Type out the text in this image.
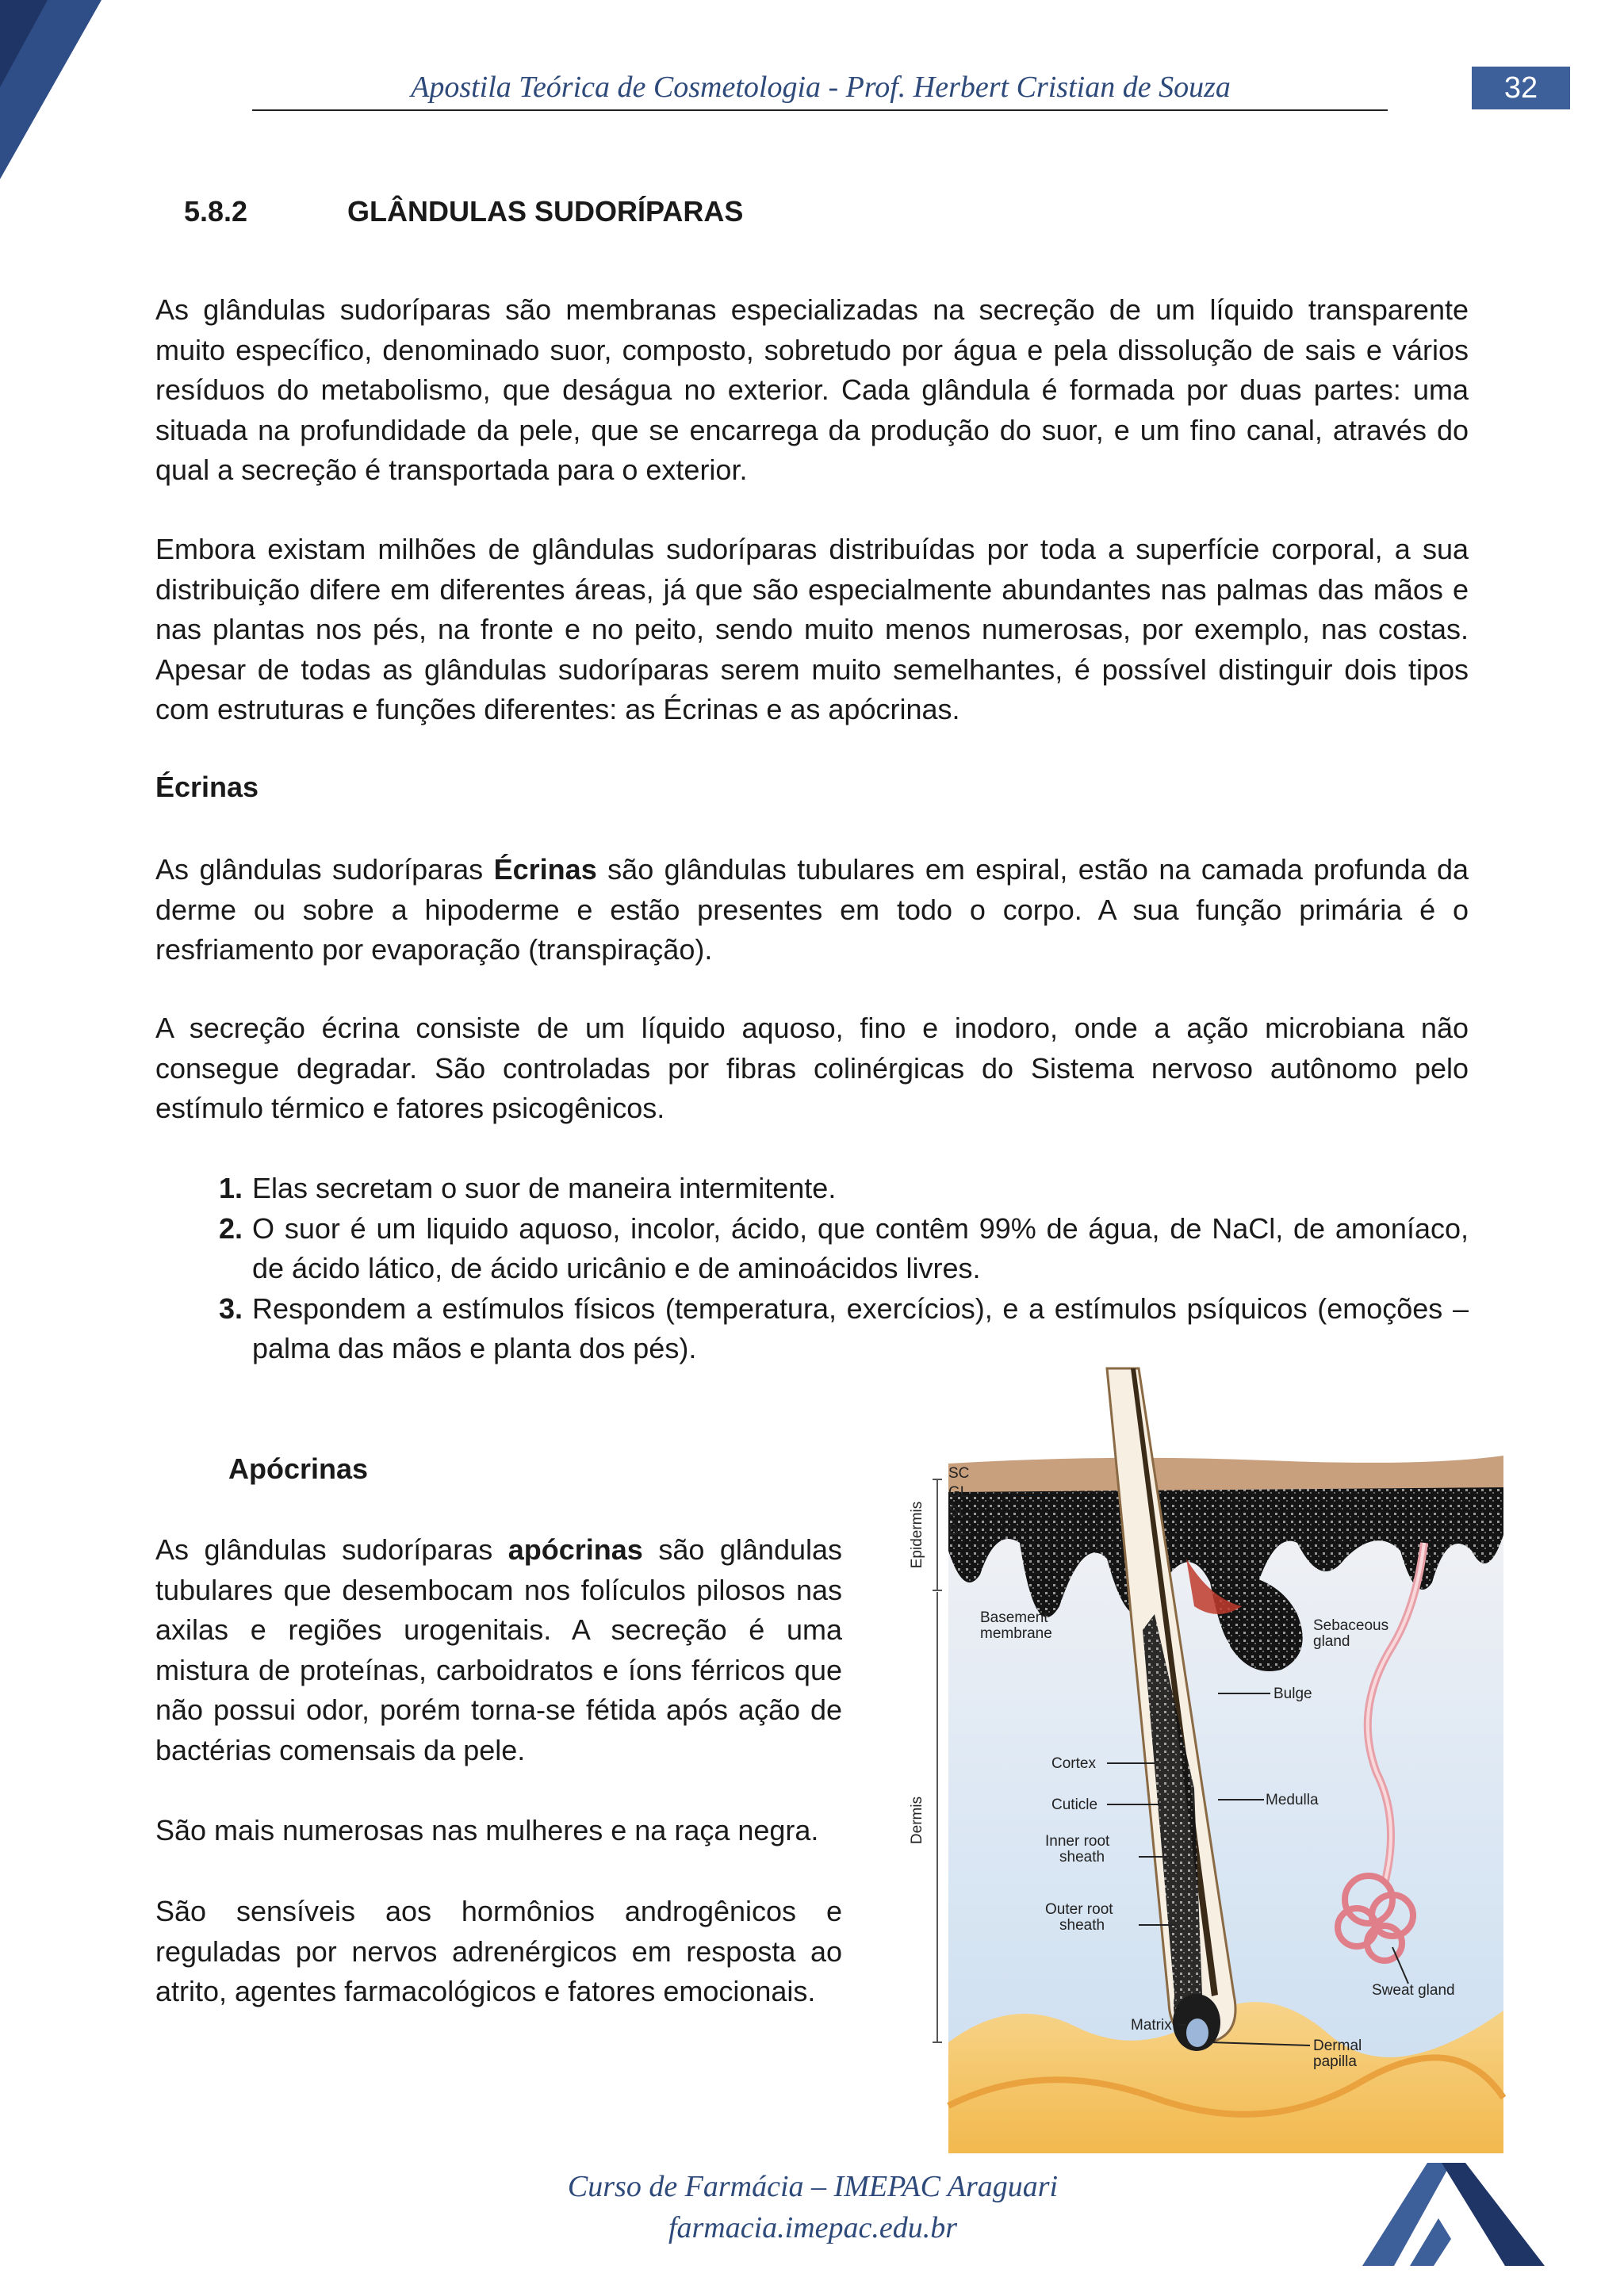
Apostila Teórica de Cosmetologia - Prof. Herbert Cristian de Souza	32
5.8.2	GLÂNDULAS SUDORÍPARAS

As glândulas sudoríparas são membranas especializadas na secreção de um líquido transparente muito específico, denominado suor, composto, sobretudo por água e pela dissolução de sais e vários resíduos do metabolismo, que deságua no exterior. Cada glândula é formada por duas partes: uma situada na profundidade da pele, que se encarrega da produção do suor, e um fino canal, através do qual a secreção é transportada para o exterior.

Embora existam milhões de glândulas sudoríparas distribuídas por toda a superfície corporal, a sua distribuição difere em diferentes áreas, já que são especialmente abundantes nas palmas das mãos e nas plantas nos pés, na fronte e no peito, sendo muito menos numerosas, por exemplo, nas costas. Apesar de todas as glândulas sudoríparas serem muito semelhantes, é possível distinguir dois tipos com estruturas e funções diferentes: as Écrinas e as apócrinas.

Écrinas

As glândulas sudoríparas Écrinas são glândulas tubulares em espiral, estão na camada profunda da derme ou sobre a hipoderme e estão presentes em todo o corpo. A sua função primária é o resfriamento por evaporação (transpiração).

A secreção écrina consiste de um líquido aquoso, fino e inodoro, onde a ação microbiana não consegue degradar. São controladas por fibras colinérgicas do Sistema nervoso autônomo pelo estímulo térmico e fatores psicogênicos.

1. Elas secretam o suor de maneira intermitente.
2. O suor é um liquido aquoso, incolor, ácido, que contêm 99% de água, de NaCl, de amoníaco, de ácido lático, de ácido uricânio e de aminoácidos livres.
3. Respondem a estímulos físicos (temperatura, exercícios), e a estímulos psíquicos (emoções – palma das mãos e planta dos pés).
Apócrinas

As glândulas sudoríparas apócrinas são glândulas tubulares que desembocam nos folículos pilosos nas axilas e regiões urogenitais. A secreção é uma mistura de proteínas, carboidratos e íons férricos que não possui odor, porém torna-se fétida após ação de bactérias comensais da pele.

São mais numerosas nas mulheres e na raça negra.

São sensíveis aos hormônios androgênicos e reguladas por nervos adrenérgicos em resposta ao atrito, agentes farmacológicos e fatores emocionais.

Epidermis
Dermis
SC
GL
SL
BL
Basement
membrane	Sebaceous
gland
Bulge
Cortex
Cuticle	Medulla
Inner root
sheath
Outer root
sheath
Sweat gland
Matrix
Dermal
papilla
Curso de Farmácia – IMEPAC Araguari
farmacia.imepac.edu.br
